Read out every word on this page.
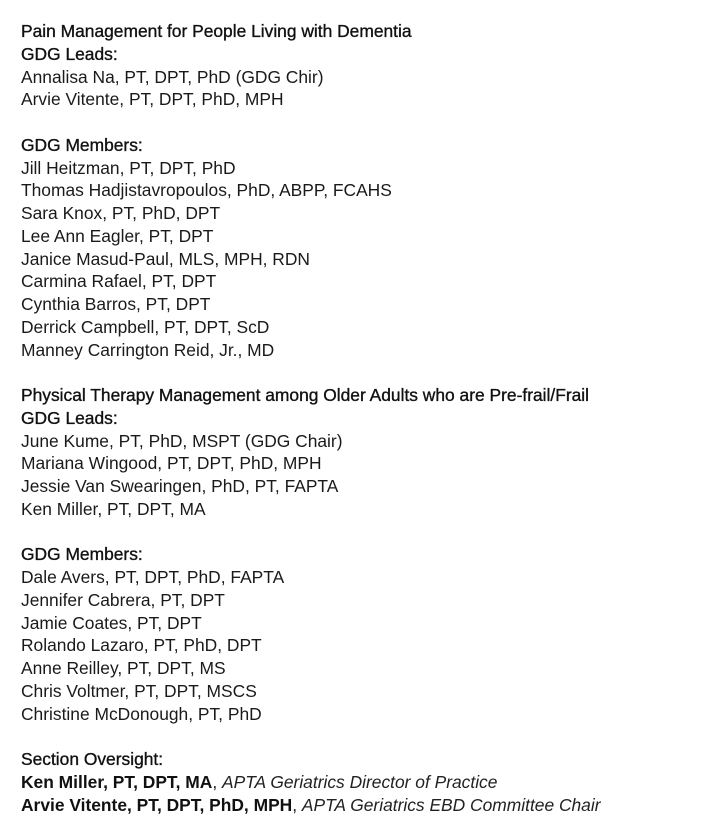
Pain Management for People Living with Dementia
GDG Leads:
Annalisa Na, PT, DPT, PhD (GDG Chir)
Arvie Vitente, PT, DPT, PhD, MPH
GDG Members:
Jill Heitzman, PT, DPT, PhD
Thomas Hadjistavropoulos, PhD, ABPP, FCAHS
Sara Knox, PT, PhD, DPT
Lee Ann Eagler, PT, DPT
Janice Masud-Paul, MLS, MPH, RDN
Carmina Rafael, PT, DPT
Cynthia Barros, PT, DPT
Derrick Campbell, PT, DPT, ScD
Manney Carrington Reid, Jr., MD
Physical Therapy Management among Older Adults who are Pre-frail/Frail
GDG Leads:
June Kume, PT, PhD, MSPT (GDG Chair)
Mariana Wingood, PT, DPT, PhD, MPH
Jessie Van Swearingen, PhD, PT, FAPTA
Ken Miller, PT, DPT, MA
GDG Members:
Dale Avers, PT, DPT, PhD, FAPTA
Jennifer Cabrera, PT, DPT
Jamie Coates, PT, DPT
Rolando Lazaro, PT, PhD, DPT
Anne Reilley, PT, DPT, MS
Chris Voltmer, PT, DPT, MSCS
Christine McDonough, PT, PhD
Section Oversight:
Ken Miller, PT, DPT, MA, APTA Geriatrics Director of Practice
Arvie Vitente, PT, DPT, PhD, MPH, APTA Geriatrics EBD Committee Chair
